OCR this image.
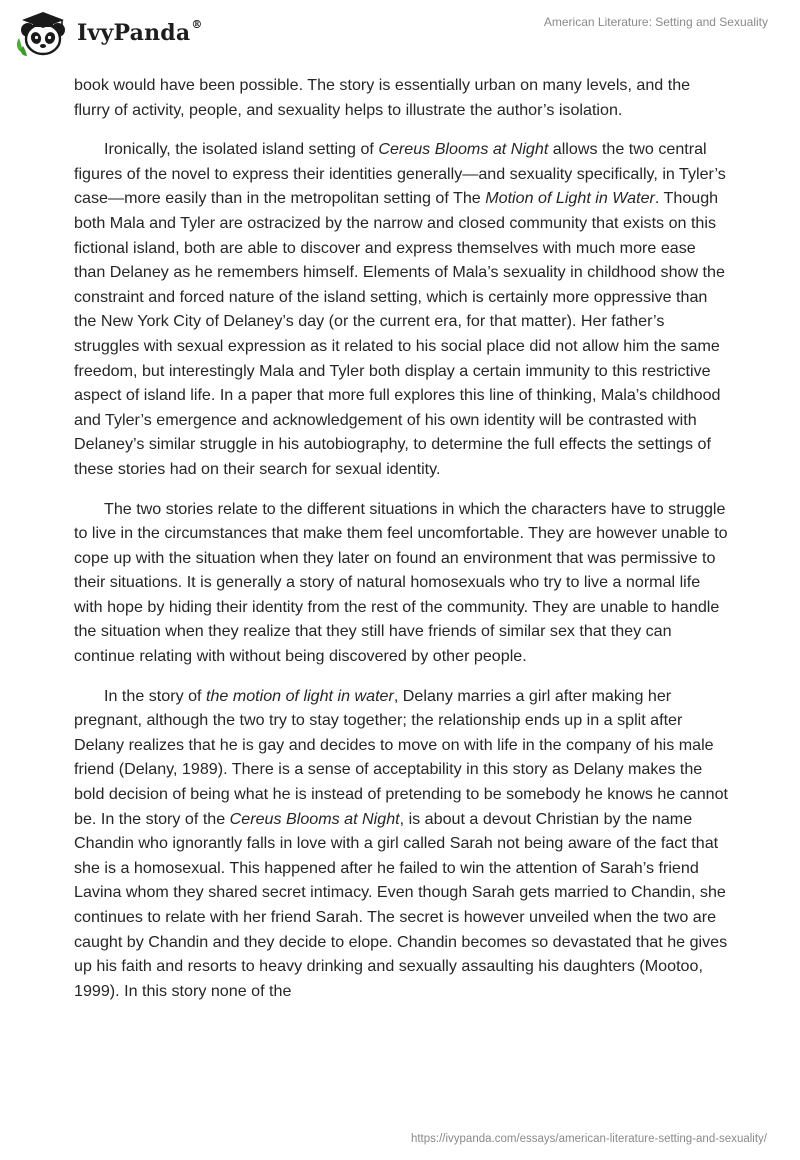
IvyPanda®	American Literature: Setting and Sexuality

book would have been possible. The story is essentially urban on many levels, and the flurry of activity, people, and sexuality helps to illustrate the author’s isolation.

Ironically, the isolated island setting of Cereus Blooms at Night allows the two central figures of the novel to express their identities generally—and sexuality specifically, in Tyler’s case—more easily than in the metropolitan setting of The Motion of Light in Water. Though both Mala and Tyler are ostracized by the narrow and closed community that exists on this fictional island, both are able to discover and express themselves with much more ease than Delaney as he remembers himself. Elements of Mala’s sexuality in childhood show the constraint and forced nature of the island setting, which is certainly more oppressive than the New York City of Delaney’s day (or the current era, for that matter). Her father’s struggles with sexual expression as it related to his social place did not allow him the same freedom, but interestingly Mala and Tyler both display a certain immunity to this restrictive aspect of island life. In a paper that more full explores this line of thinking, Mala’s childhood and Tyler’s emergence and acknowledgement of his own identity will be contrasted with Delaney’s similar struggle in his autobiography, to determine the full effects the settings of these stories had on their search for sexual identity.

The two stories relate to the different situations in which the characters have to struggle to live in the circumstances that make them feel uncomfortable. They are however unable to cope up with the situation when they later on found an environment that was permissive to their situations. It is generally a story of natural homosexuals who try to live a normal life with hope by hiding their identity from the rest of the community. They are unable to handle the situation when they realize that they still have friends of similar sex that they can continue relating with without being discovered by other people.

In the story of the motion of light in water, Delany marries a girl after making her pregnant, although the two try to stay together; the relationship ends up in a split after Delany realizes that he is gay and decides to move on with life in the company of his male friend (Delany, 1989). There is a sense of acceptability in this story as Delany makes the bold decision of being what he is instead of pretending to be somebody he knows he cannot be. In the story of the Cereus Blooms at Night, is about a devout Christian by the name Chandin who ignorantly falls in love with a girl called Sarah not being aware of the fact that she is a homosexual. This happened after he failed to win the attention of Sarah’s friend Lavina whom they shared secret intimacy. Even though Sarah gets married to Chandin, she continues to relate with her friend Sarah. The secret is however unveiled when the two are caught by Chandin and they decide to elope. Chandin becomes so devastated that he gives up his faith and resorts to heavy drinking and sexually assaulting his daughters (Mootoo, 1999). In this story none of the

https://ivypanda.com/essays/american-literature-setting-and-sexuality/
